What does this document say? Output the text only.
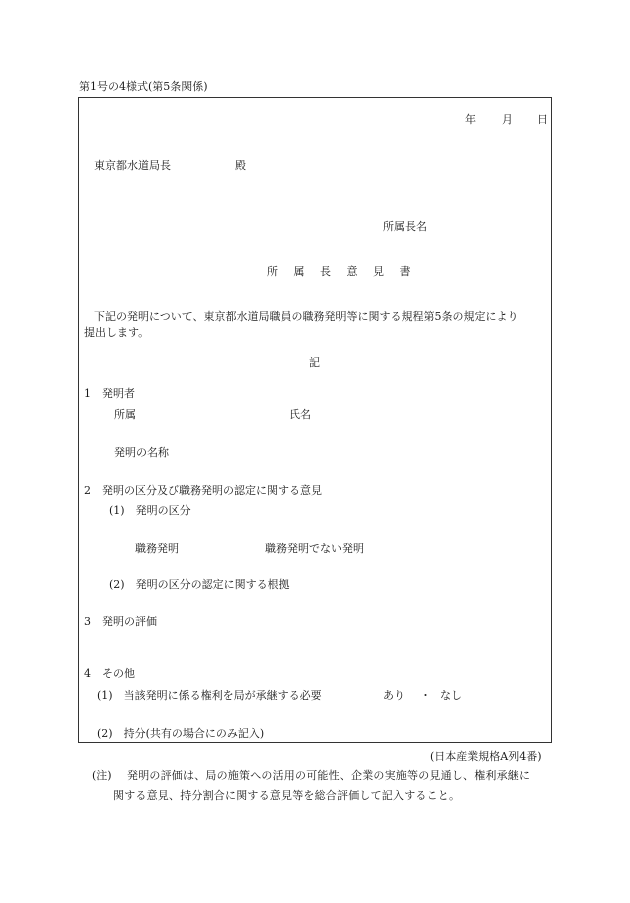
第1号の4様式(第5条関係)
年 月 日
東京都水道局長	殿
所属長名
所 属 長 意 見 書
下記の発明について、東京都水道局職員の職務発明等に関する規程第5条の規定により
提出します。
記
1　発明者
所属	氏名
発明の名称
2　発明の区分及び職務発明の認定に関する意見
(1)　発明の区分
職務発明	職務発明でない発明
(2)　発明の区分の認定に関する根拠
3　発明の評価
4　その他
(1)　当該発明に係る権利を局が承継する必要	あり ・ なし
(2)　持分(共有の場合にのみ記入)
(日本産業規格A列4番)
(注) 発明の評価は、局の施策への活用の可能性、企業の実施等の見通し、権利承継に
関する意見、持分割合に関する意見等を総合評価して記入すること。
